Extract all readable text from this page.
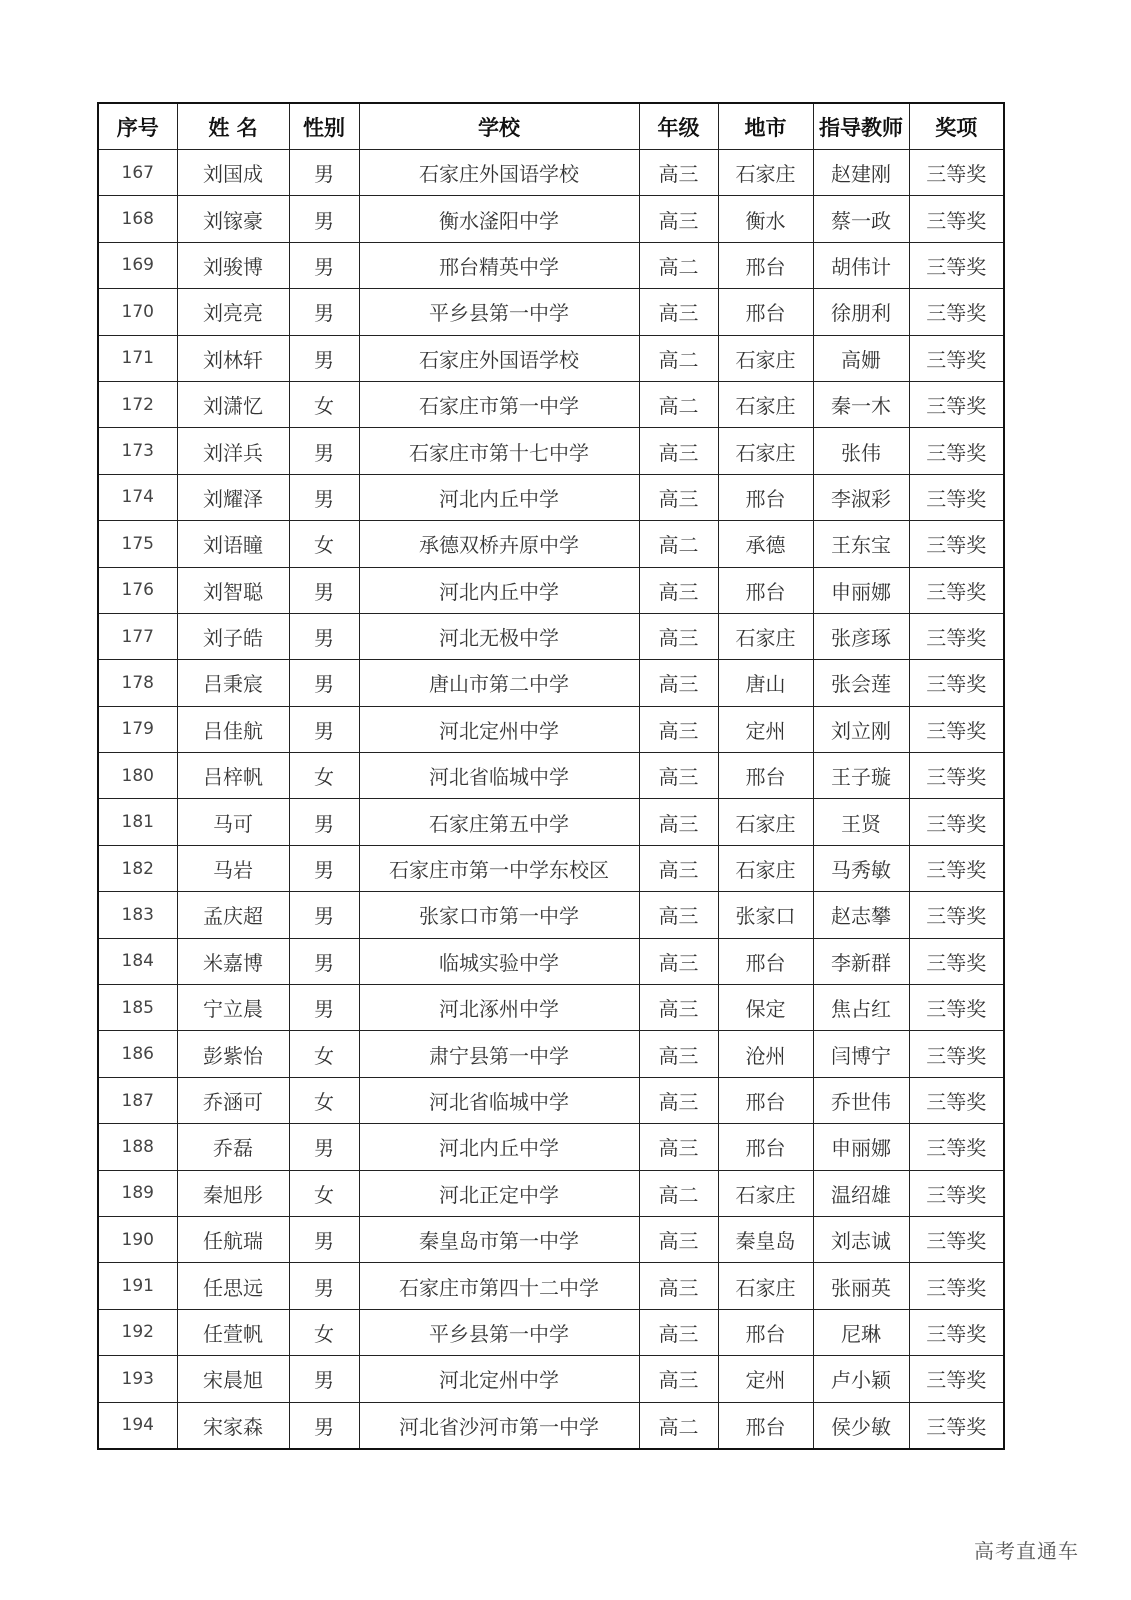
序号	姓 名	性别	学校	年级	地市	指导教师	奖项
167	刘国成	男	石家庄外国语学校	高三	石家庄	赵建刚	三等奖
168	刘镓豪	男	衡水滏阳中学	高三	衡水	蔡一政	三等奖
169	刘骏博	男	邢台精英中学	高二	邢台	胡伟计	三等奖
170	刘亮亮	男	平乡县第一中学	高三	邢台	徐朋利	三等奖
171	刘林轩	男	石家庄外国语学校	高二	石家庄	高姗	三等奖
172	刘潇忆	女	石家庄市第一中学	高二	石家庄	秦一木	三等奖
173	刘洋兵	男	石家庄市第十七中学	高三	石家庄	张伟	三等奖
174	刘耀泽	男	河北内丘中学	高三	邢台	李淑彩	三等奖
175	刘语瞳	女	承德双桥卉原中学	高二	承德	王东宝	三等奖
176	刘智聪	男	河北内丘中学	高三	邢台	申丽娜	三等奖
177	刘子皓	男	河北无极中学	高三	石家庄	张彦琢	三等奖
178	吕秉宸	男	唐山市第二中学	高三	唐山	张会莲	三等奖
179	吕佳航	男	河北定州中学	高三	定州	刘立刚	三等奖
180	吕梓帆	女	河北省临城中学	高三	邢台	王子璇	三等奖
181	马可	男	石家庄第五中学	高三	石家庄	王贤	三等奖
182	马岩	男	石家庄市第一中学东校区	高三	石家庄	马秀敏	三等奖
183	孟庆超	男	张家口市第一中学	高三	张家口	赵志攀	三等奖
184	米嘉博	男	临城实验中学	高三	邢台	李新群	三等奖
185	宁立晨	男	河北涿州中学	高三	保定	焦占红	三等奖
186	彭紫怡	女	肃宁县第一中学	高三	沧州	闫博宁	三等奖
187	乔涵可	女	河北省临城中学	高三	邢台	乔世伟	三等奖
188	乔磊	男	河北内丘中学	高三	邢台	申丽娜	三等奖
189	秦旭彤	女	河北正定中学	高二	石家庄	温绍雄	三等奖
190	任航瑞	男	秦皇岛市第一中学	高三	秦皇岛	刘志诚	三等奖
191	任思远	男	石家庄市第四十二中学	高三	石家庄	张丽英	三等奖
192	任萱帆	女	平乡县第一中学	高三	邢台	尼琳	三等奖
193	宋晨旭	男	河北定州中学	高三	定州	卢小颖	三等奖
194	宋家森	男	河北省沙河市第一中学	高二	邢台	侯少敏	三等奖
高考直通车
